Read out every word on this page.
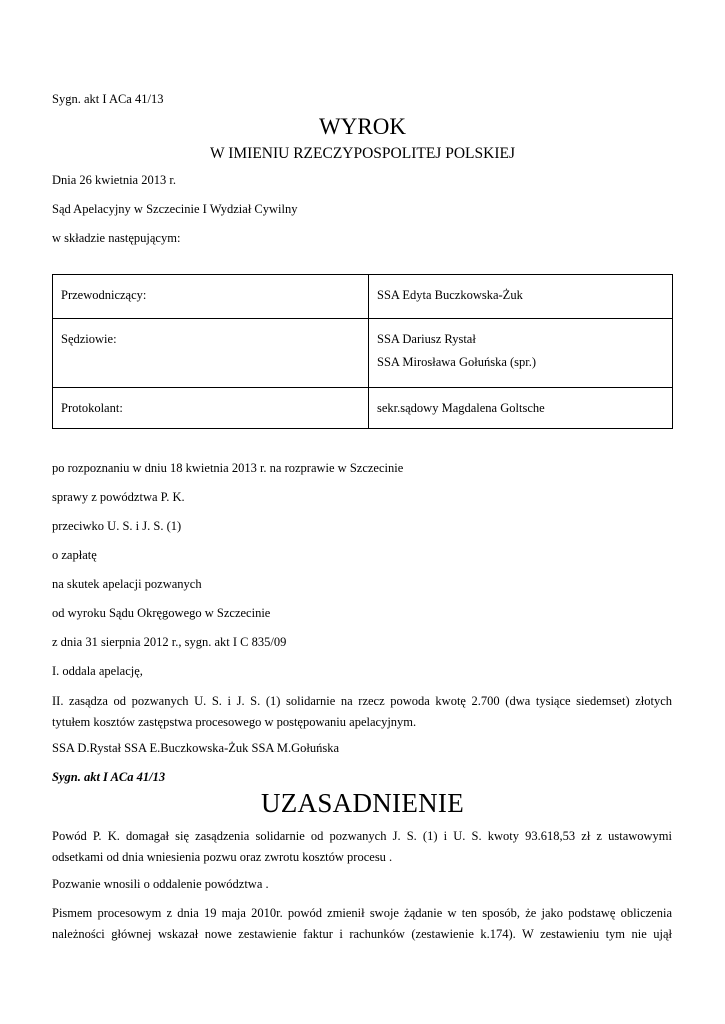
Sygn. akt I ACa 41/13
WYROK
W IMIENIU RZECZYPOSPOLITEJ POLSKIEJ
Dnia 26 kwietnia 2013 r.
Sąd Apelacyjny w Szczecinie I Wydział Cywilny
w składzie następującym:
Przewodniczący:	SSA Edyta Buczkowska-Żuk

Sędziowie:	SSA Dariusz Rystał
SSA Mirosława Gołuńska (spr.)

Protokolant:	sekr.sądowy Magdalena Goltsche
po rozpoznaniu w dniu 18 kwietnia 2013 r. na rozprawie w Szczecinie
sprawy z powództwa P. K.
przeciwko U. S. i J. S. (1)
o zapłatę
na skutek apelacji pozwanych
od wyroku Sądu Okręgowego w Szczecinie
z dnia 31 sierpnia 2012 r., sygn. akt I C 835/09
I. oddala apelację,
II. zasądza od pozwanych U. S. i J. S. (1) solidarnie na rzecz powoda kwotę 2.700 (dwa tysiące siedemset) złotych
tytułem kosztów zastępstwa procesowego w postępowaniu apelacyjnym.
SSA D.Rystał SSA E.Buczkowska-Żuk SSA M.Gołuńska
Sygn. akt I ACa 41/13
UZASADNIENIE
Powód P. K. domagał się zasądzenia solidarnie od pozwanych J. S. (1) i U. S. kwoty 93.618,53 zł z ustawowymi
odsetkami od dnia wniesienia pozwu oraz zwrotu kosztów procesu .
Pozwanie wnosili o oddalenie powództwa .
Pismem procesowym z dnia 19 maja 2010r. powód zmienił swoje żądanie w ten sposób, że jako podstawę obliczenia
należności głównej wskazał nowe zestawienie faktur i rachunków (zestawienie k.174). W zestawieniu tym nie ujął
